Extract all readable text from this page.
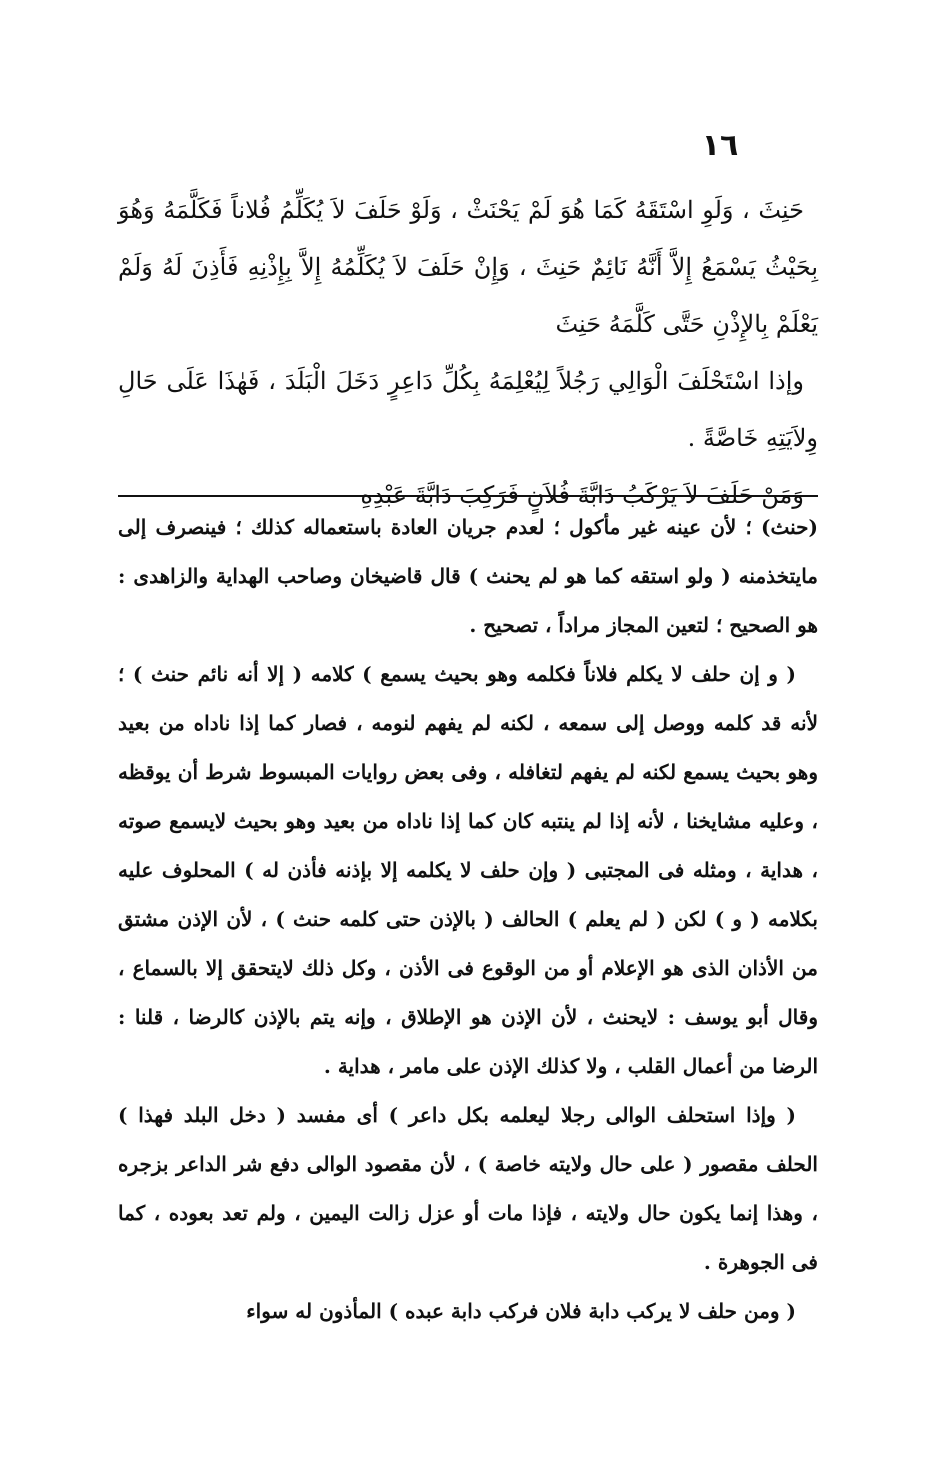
١٦

حَنِثَ ، وَلَوِ اسْتَقَهُ كَمَا هُوَ لَمْ يَحْنَثْ ، وَلَوْ حَلَفَ لاَ يُكَلِّمُ فُلاناً فَكَلَّمَهُ وَهُوَ بِحَيْثُ يَسْمَعُ إِلاَّ أَنَّهُ نَائِمٌ حَنِثَ ، وَإِنْ حَلَفَ لاَ يُكَلِّمُهُ إِلاَّ بِإِذْنِهِ فَأَذِنَ لَهُ وَلَمْ يَعْلَمْ بِالإِذْنِ حَتَّى كَلَّمَهُ حَنِثَ

وإذا اسْتَحْلَفَ الْوَالِي رَجُلاً لِيُعْلِمَهُ بِكُلِّ دَاعِرٍ دَخَلَ الْبَلَدَ ، فَهٰذَا عَلَى حَالِ وِلاَيَتِهِ خَاصَّةً .

وَمَنْ حَلَفَ لاَ يَرْكَبُ دَابَّةَ فُلاَنٍ فَرَكِبَ دَابَّةَ عَبْدِهِ

(حنث) ؛ لأن عينه غير مأكول ؛ لعدم جريان العادة باستعماله كذلك ؛ فينصرف إلى مايتخذمنه ( ولو استقه كما هو لم يحنث ) قال قاضيخان وصاحب الهداية والزاهدى : هو الصحيح ؛ لتعين المجاز مراداً ، تصحيح .

( و إن حلف لا يكلم فلاناً فكلمه وهو بحيث يسمع ) كلامه ( إلا أنه نائم حنث ) ؛ لأنه قد كلمه ووصل إلى سمعه ، لكنه لم يفهم لنومه ، فصار كما إذا ناداه من بعيد وهو بحيث يسمع لكنه لم يفهم لتغافله ، وفى بعض روايات المبسوط شرط أن يوقظه ، وعليه مشايخنا ، لأنه إذا لم ينتبه كان كما إذا ناداه من بعيد وهو بحيث لايسمع صوته ، هداية ، ومثله فى المجتبى ( وإن حلف لا يكلمه إلا بإذنه فأذن له ) المحلوف عليه بكلامه ( و ) لكن ( لم يعلم ) الحالف ( بالإذن حتى كلمه حنث ) ، لأن الإذن مشتق من الأذان الذى هو الإعلام أو من الوقوع فى الأذن ، وكل ذلك لايتحقق إلا بالسماع ، وقال أبو يوسف : لايحنث ، لأن الإذن هو الإطلاق ، وإنه يتم بالإذن كالرضا ، قلنا : الرضا من أعمال القلب ، ولا كذلك الإذن على مامر ، هداية .

( وإذا استحلف الوالى رجلا ليعلمه بكل داعر ) أى مفسد ( دخل البلد فهذا ) الحلف مقصور ( على حال ولايته خاصة ) ، لأن مقصود الوالى دفع شر الداعر بزجره ، وهذا إنما يكون حال ولايته ، فإذا مات أو عزل زالت اليمين ، ولم تعد بعوده ، كما فى الجوهرة .

( ومن حلف لا يركب دابة فلان فركب دابة عبده ) المأذون له سواء
